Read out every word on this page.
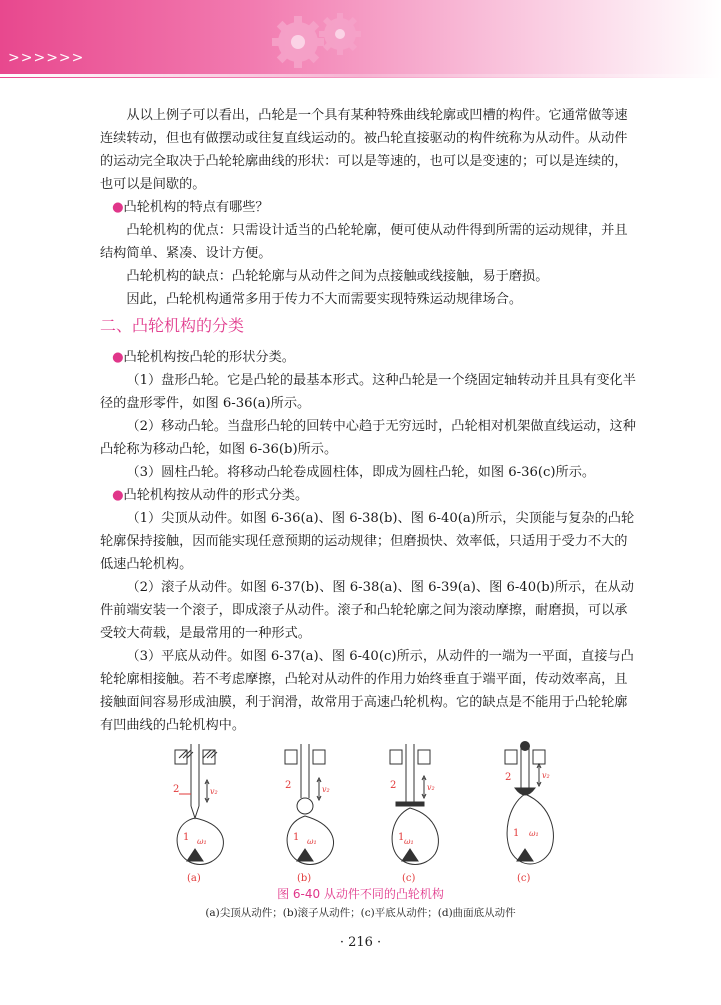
>>>>>>

从以上例子可以看出，凸轮是一个具有某种特殊曲线轮廓或凹槽的构件。它通常做等速连续转动，但也有做摆动或往复直线运动的。被凸轮直接驱动的构件统称为从动件。从动件的运动完全取决于凸轮轮廓曲线的形状：可以是等速的，也可以是变速的；可以是连续的，也可以是间歇的。

●凸轮机构的特点有哪些？

凸轮机构的优点：只需设计适当的凸轮轮廓，便可使从动件得到所需的运动规律，并且结构简单、紧凑、设计方便。

凸轮机构的缺点：凸轮轮廓与从动件之间为点接触或线接触，易于磨损。

因此，凸轮机构通常多用于传力不大而需要实现特殊运动规律场合。

二、凸轮机构的分类

●凸轮机构按凸轮的形状分类。

（1）盘形凸轮。它是凸轮的最基本形式。这种凸轮是一个绕固定轴转动并且具有变化半径的盘形零件，如图 6-36(a)所示。

（2）移动凸轮。当盘形凸轮的回转中心趋于无穷远时，凸轮相对机架做直线运动，这种凸轮称为移动凸轮，如图 6-36(b)所示。

（3）圆柱凸轮。将移动凸轮卷成圆柱体，即成为圆柱凸轮，如图 6-36(c)所示。

●凸轮机构按从动件的形式分类。

（1）尖顶从动件。如图 6-36(a)、图 6-38(b)、图 6-40(a)所示，尖顶能与复杂的凸轮轮廓保持接触，因而能实现任意预期的运动规律；但磨损快、效率低，只适用于受力不大的低速凸轮机构。

（2）滚子从动件。如图 6-37(b)、图 6-38(a)、图 6-39(a)、图 6-40(b)所示，在从动件前端安装一个滚子，即成滚子从动件。滚子和凸轮轮廓之间为滚动摩擦，耐磨损，可以承受较大荷载，是最常用的一种形式。

（3）平底从动件。如图 6-37(a)、图 6-40(c)所示，从动件的一端为一平面，直接与凸轮轮廓相接触。若不考虑摩擦，凸轮对从动件的作用力始终垂直于端平面，传动效率高，且接触面间容易形成油膜，利于润滑，故常用于高速凸轮机构。它的缺点是不能用于凸轮轮廓有凹曲线的凸轮机构中。

2
1
v₂
ω₁
(a)
2
1
v₂
ω₁
(b)
2
1
v₂
ω₁
(c)
2
1
v₂
ω₁
(c)
图 6-40 从动件不同的凸轮机构
(a)尖顶从动件；(b)滚子从动件；(c)平底从动件；(d)曲面底从动件
· 216 ·
